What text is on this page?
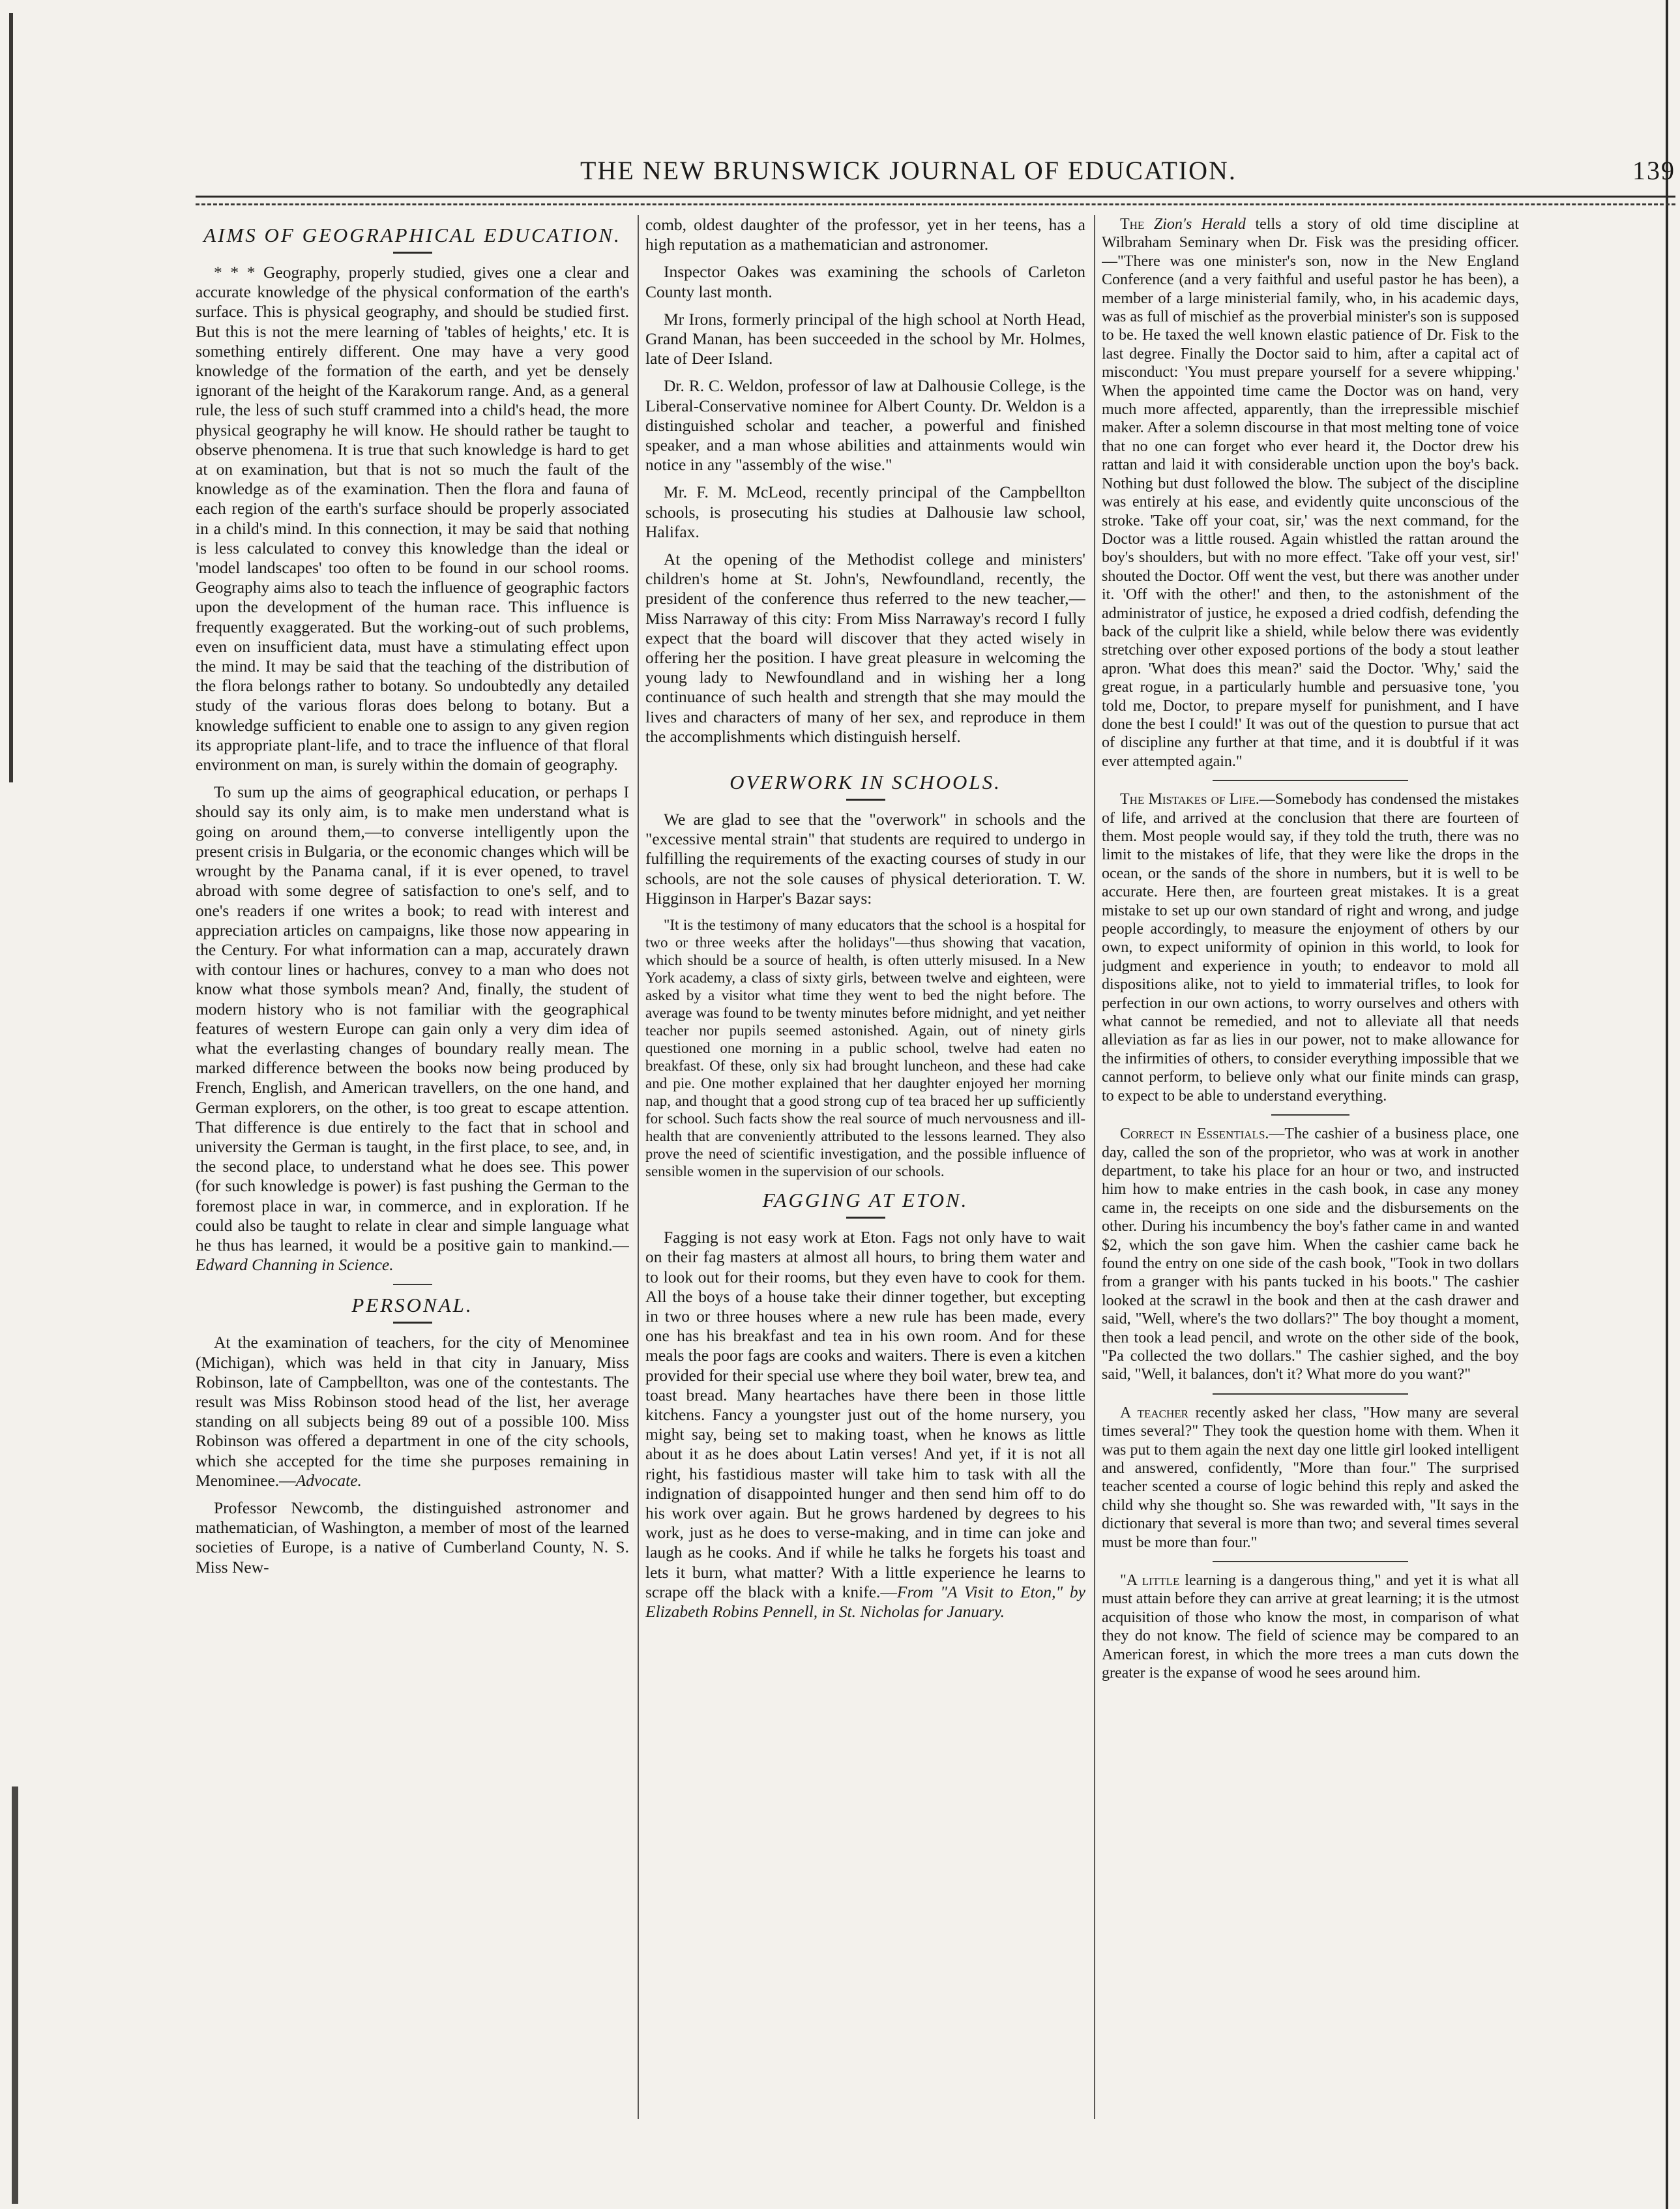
THE NEW BRUNSWICK JOURNAL OF EDUCATION.	139
AIMS OF GEOGRAPHICAL EDUCATION.

* * * Geography, properly studied, gives one a clear and accurate knowledge of the physical conformation of the earth's surface. This is physical geography, and should be studied first. But this is not the mere learning of 'tables of heights,' etc. It is something entirely different. One may have a very good knowledge of the formation of the earth, and yet be densely ignorant of the height of the Karakorum range. And, as a general rule, the less of such stuff crammed into a child's head, the more physical geography he will know. He should rather be taught to observe phenomena. It is true that such knowledge is hard to get at on examination, but that is not so much the fault of the knowledge as of the examination. Then the flora and fauna of each region of the earth's surface should be properly associated in a child's mind. In this connection, it may be said that nothing is less calculated to convey this knowledge than the ideal or 'model landscapes' too often to be found in our school rooms. Geography aims also to teach the influence of geographic factors upon the development of the human race. This influence is frequently exaggerated. But the working-out of such problems, even on insufficient data, must have a stimulating effect upon the mind. It may be said that the teaching of the distribution of the flora belongs rather to botany. So undoubtedly any detailed study of the various floras does belong to botany. But a knowledge sufficient to enable one to assign to any given region its appropriate plant-life, and to trace the influence of that floral environment on man, is surely within the domain of geography.

To sum up the aims of geographical education, or perhaps I should say its only aim, is to make men understand what is going on around them,—to converse intelligently upon the present crisis in Bulgaria, or the economic changes which will be wrought by the Panama canal, if it is ever opened, to travel abroad with some degree of satisfaction to one's self, and to one's readers if one writes a book; to read with interest and appreciation articles on campaigns, like those now appearing in the Century. For what information can a map, accurately drawn with contour lines or hachures, convey to a man who does not know what those symbols mean? And, finally, the student of modern history who is not familiar with the geographical features of western Europe can gain only a very dim idea of what the everlasting changes of boundary really mean. The marked difference between the books now being produced by French, English, and American travellers, on the one hand, and German explorers, on the other, is too great to escape attention. That difference is due entirely to the fact that in school and university the German is taught, in the first place, to see, and, in the second place, to understand what he does see. This power (for such knowledge is power) is fast pushing the German to the foremost place in war, in commerce, and in exploration. If he could also be taught to relate in clear and simple language what he thus has learned, it would be a positive gain to mankind.—Edward Channing in Science.

PERSONAL.

At the examination of teachers, for the city of Menominee (Michigan), which was held in that city in January, Miss Robinson, late of Campbellton, was one of the contestants. The result was Miss Robinson stood head of the list, her average standing on all subjects being 89 out of a possible 100. Miss Robinson was offered a department in one of the city schools, which she accepted for the time she purposes remaining in Menominee.—Advocate.

Professor Newcomb, the distinguished astronomer and mathematician, of Washington, a member of most of the learned societies of Europe, is a native of Cumberland County, N. S. Miss New-

comb, oldest daughter of the professor, yet in her teens, has a high reputation as a mathematician and astronomer.

Inspector Oakes was examining the schools of Carleton County last month.

Mr Irons, formerly principal of the high school at North Head, Grand Manan, has been succeeded in the school by Mr. Holmes, late of Deer Island.

Dr. R. C. Weldon, professor of law at Dalhousie College, is the Liberal-Conservative nominee for Albert County. Dr. Weldon is a distinguished scholar and teacher, a powerful and finished speaker, and a man whose abilities and attainments would win notice in any "assembly of the wise."

Mr. F. M. McLeod, recently principal of the Campbellton schools, is prosecuting his studies at Dalhousie law school, Halifax.

At the opening of the Methodist college and ministers' children's home at St. John's, Newfoundland, recently, the president of the conference thus referred to the new teacher,—Miss Narraway of this city: From Miss Narraway's record I fully expect that the board will discover that they acted wisely in offering her the position. I have great pleasure in welcoming the young lady to Newfoundland and in wishing her a long continuance of such health and strength that she may mould the lives and characters of many of her sex, and reproduce in them the accomplishments which distinguish herself.

OVERWORK IN SCHOOLS.

We are glad to see that the "overwork" in schools and the "excessive mental strain" that students are required to undergo in fulfilling the requirements of the exacting courses of study in our schools, are not the sole causes of physical deterioration. T. W. Higginson in Harper's Bazar says:

"It is the testimony of many educators that the school is a hospital for two or three weeks after the holidays"—thus showing that vacation, which should be a source of health, is often utterly misused. In a New York academy, a class of sixty girls, between twelve and eighteen, were asked by a visitor what time they went to bed the night before. The average was found to be twenty minutes before midnight, and yet neither teacher nor pupils seemed astonished. Again, out of ninety girls questioned one morning in a public school, twelve had eaten no breakfast. Of these, only six had brought luncheon, and these had cake and pie. One mother explained that her daughter enjoyed her morning nap, and thought that a good strong cup of tea braced her up sufficiently for school. Such facts show the real source of much nervousness and ill-health that are conveniently attributed to the lessons learned. They also prove the need of scientific investigation, and the possible influence of sensible women in the supervision of our schools.

FAGGING AT ETON.

Fagging is not easy work at Eton. Fags not only have to wait on their fag masters at almost all hours, to bring them water and to look out for their rooms, but they even have to cook for them. All the boys of a house take their dinner together, but excepting in two or three houses where a new rule has been made, every one has his breakfast and tea in his own room. And for these meals the poor fags are cooks and waiters. There is even a kitchen provided for their special use where they boil water, brew tea, and toast bread. Many heartaches have there been in those little kitchens. Fancy a youngster just out of the home nursery, you might say, being set to making toast, when he knows as little about it as he does about Latin verses! And yet, if it is not all right, his fastidious master will take him to task with all the indignation of disappointed hunger and then send him off to do his work over again. But he grows hardened by degrees to his work, just as he does to verse-making, and in time can joke and laugh as he cooks. And if while he talks he forgets his toast and lets it burn, what matter? With a little experience he learns to scrape off the black with a knife.—From "A Visit to Eton," by Elizabeth Robins Pennell, in St. Nicholas for January.

The Zion's Herald tells a story of old time discipline at Wilbraham Seminary when Dr. Fisk was the presiding officer.—"There was one minister's son, now in the New England Conference (and a very faithful and useful pastor he has been), a member of a large ministerial family, who, in his academic days, was as full of mischief as the proverbial minister's son is supposed to be. He taxed the well known elastic patience of Dr. Fisk to the last degree. Finally the Doctor said to him, after a capital act of misconduct: 'You must prepare yourself for a severe whipping.' When the appointed time came the Doctor was on hand, very much more affected, apparently, than the irrepressible mischief maker. After a solemn discourse in that most melting tone of voice that no one can forget who ever heard it, the Doctor drew his rattan and laid it with considerable unction upon the boy's back. Nothing but dust followed the blow. The subject of the discipline was entirely at his ease, and evidently quite unconscious of the stroke. 'Take off your coat, sir,' was the next command, for the Doctor was a little roused. Again whistled the rattan around the boy's shoulders, but with no more effect. 'Take off your vest, sir!' shouted the Doctor. Off went the vest, but there was another under it. 'Off with the other!' and then, to the astonishment of the administrator of justice, he exposed a dried codfish, defending the back of the culprit like a shield, while below there was evidently stretching over other exposed portions of the body a stout leather apron. 'What does this mean?' said the Doctor. 'Why,' said the great rogue, in a particularly humble and persuasive tone, 'you told me, Doctor, to prepare myself for punishment, and I have done the best I could!' It was out of the question to pursue that act of discipline any further at that time, and it is doubtful if it was ever attempted again."

The Mistakes of Life.—Somebody has condensed the mistakes of life, and arrived at the conclusion that there are fourteen of them. Most people would say, if they told the truth, there was no limit to the mistakes of life, that they were like the drops in the ocean, or the sands of the shore in numbers, but it is well to be accurate. Here then, are fourteen great mistakes. It is a great mistake to set up our own standard of right and wrong, and judge people accordingly, to measure the enjoyment of others by our own, to expect uniformity of opinion in this world, to look for judgment and experience in youth; to endeavor to mold all dispositions alike, not to yield to immaterial trifles, to look for perfection in our own actions, to worry ourselves and others with what cannot be remedied, and not to alleviate all that needs alleviation as far as lies in our power, not to make allowance for the infirmities of others, to consider everything impossible that we cannot perform, to believe only what our finite minds can grasp, to expect to be able to understand everything.

Correct in Essentials.—The cashier of a business place, one day, called the son of the proprietor, who was at work in another department, to take his place for an hour or two, and instructed him how to make entries in the cash book, in case any money came in, the receipts on one side and the disbursements on the other. During his incumbency the boy's father came in and wanted $2, which the son gave him. When the cashier came back he found the entry on one side of the cash book, "Took in two dollars from a granger with his pants tucked in his boots." The cashier looked at the scrawl in the book and then at the cash drawer and said, "Well, where's the two dollars?" The boy thought a moment, then took a lead pencil, and wrote on the other side of the book, "Pa collected the two dollars." The cashier sighed, and the boy said, "Well, it balances, don't it? What more do you want?"

A teacher recently asked her class, "How many are several times several?" They took the question home with them. When it was put to them again the next day one little girl looked intelligent and answered, confidently, "More than four." The surprised teacher scented a course of logic behind this reply and asked the child why she thought so. She was rewarded with, "It says in the dictionary that several is more than two; and several times several must be more than four."

"A little learning is a dangerous thing," and yet it is what all must attain before they can arrive at great learning; it is the utmost acquisition of those who know the most, in comparison of what they do not know. The field of science may be compared to an American forest, in which the more trees a man cuts down the greater is the expanse of wood he sees around him.
